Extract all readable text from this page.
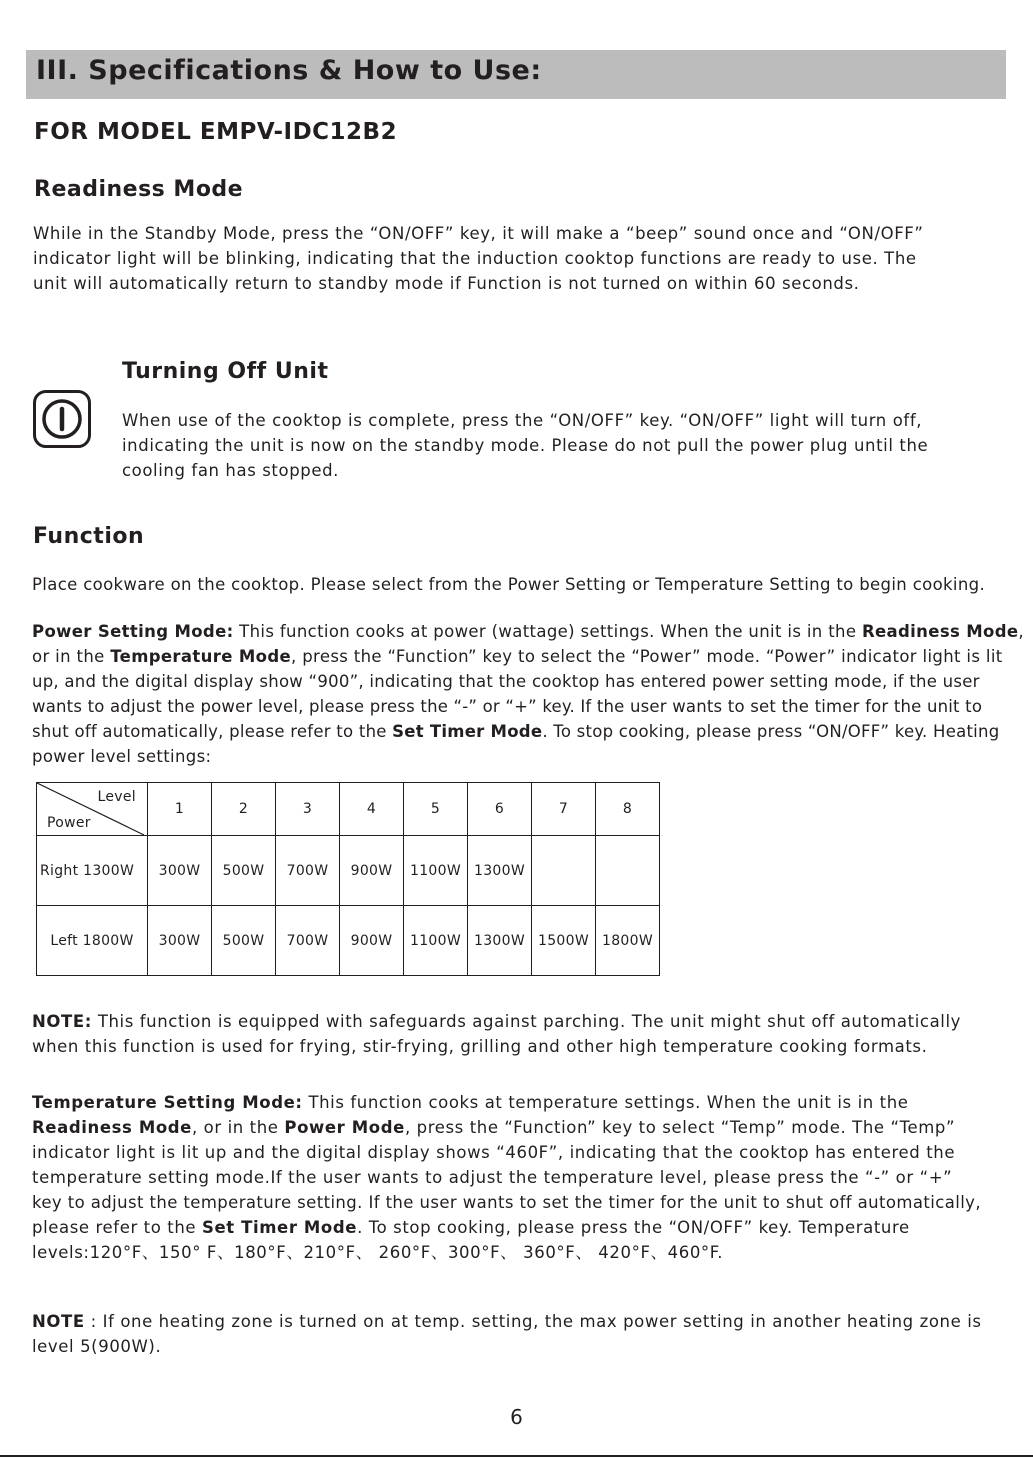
III. Specifications & How to Use:
FOR MODEL EMPV-IDC12B2
Readiness Mode
While in the Standby Mode, press the “ON/OFF” key, it will make a “beep” sound once and “ON/OFF”
indicator light will be blinking, indicating that the induction cooktop functions are ready to use. The
unit will automatically return to standby mode if Function is not turned on within 60 seconds.
Turning Off Unit
When use of the cooktop is complete, press the “ON/OFF” key. “ON/OFF” light will turn off,
indicating the unit is now on the standby mode. Please do not pull the power plug until the
cooling fan has stopped.
Function
Place cookware on the cooktop. Please select from the Power Setting or Temperature Setting to begin cooking.
Power Setting Mode: This function cooks at power (wattage) settings. When the unit is in the Readiness Mode,
or in the Temperature Mode, press the “Function” key to select the “Power” mode. “Power” indicator light is lit
up, and the digital display show “900”, indicating that the cooktop has entered power setting mode, if the user
wants to adjust the power level, please press the “-” or “+” key. If the user wants to set the timer for the unit to
shut off automatically, please refer to the Set Timer Mode. To stop cooking, please press “ON/OFF” key. Heating
power level settings:
Level
Power	1	2	3	4	5	6	7	8
Right 1300W	300W	500W	700W	900W	1100W	1300W		
Left 1800W	300W	500W	700W	900W	1100W	1300W	1500W	1800W
NOTE: This function is equipped with safeguards against parching. The unit might shut off automatically
when this function is used for frying, stir-frying, grilling and other high temperature cooking formats.
Temperature Setting Mode: This function cooks at temperature settings. When the unit is in the
Readiness Mode, or in the Power Mode, press the “Function” key to select “Temp” mode. The “Temp”
indicator light is lit up and the digital display shows “460F”, indicating that the cooktop has entered the
temperature setting mode.If the user wants to adjust the temperature level, please press the “-” or “+”
key to adjust the temperature setting. If the user wants to set the timer for the unit to shut off automatically,
please refer to the Set Timer Mode. To stop cooking, please press the “ON/OFF” key. Temperature
levels:120°F、150° F、180°F、210°F、 260°F、300°F、 360°F、 420°F、460°F.
NOTE : If one heating zone is turned on at temp. setting, the max power setting in another heating zone is
level 5(900W).
6
